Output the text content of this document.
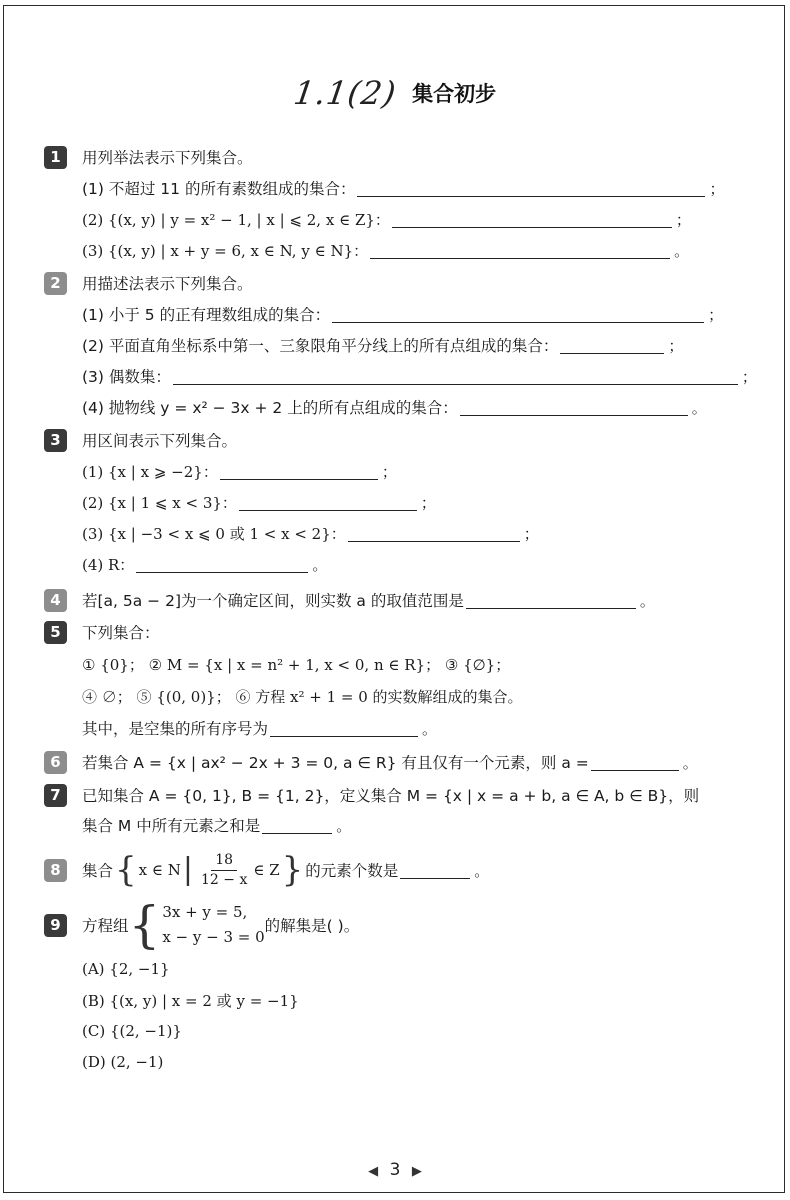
1.1(2) 集合初步
1	用列举法表示下列集合。
(1) 不超过 11 的所有素数组成的集合：	；
(2) {(x, y) | y = x² − 1, | x | ⩽ 2, x ∈ Z}：	；
(3) {(x, y) | x + y = 6, x ∈ N, y ∈ N}：	。
2	用描述法表示下列集合。
(1) 小于 5 的正有理数组成的集合：	；
(2) 平面直角坐标系中第一、三象限角平分线上的所有点组成的集合：	；
(3) 偶数集：	；
(4) 抛物线 y = x² − 3x + 2 上的所有点组成的集合：	。
3	用区间表示下列集合。
(1) {x | x ⩾ −2}：	；
(2) {x | 1 ⩽ x < 3}：	；
(3) {x | −3 < x ⩽ 0 或 1 < x < 2}：	；
(4) R：	。
4	若[a, 5a − 2]为一个确定区间，则实数 a 的取值范围是	。
5	下列集合：
① {0}； ② M = {x | x = n² + 1, x < 0, n ∈ R}； ③ {∅}；
④ ∅； ⑤ {(0, 0)}； ⑥ 方程 x² + 1 = 0 的实数解组成的集合。
其中，是空集的所有序号为	。
6	若集合 A = {x | ax² − 2x + 3 = 0, a ∈ R} 有且仅有一个元素，则 a =	。
7	已知集合 A = {0, 1}, B = {1, 2}，定义集合 M = {x | x = a + b, a ∈ A, b ∈ B}，则
集合 M 中所有元素之和是	。
8	集合 { x ∈ N | $\frac{18}{12 - x}$ ∈ Z } 的元素个数是	。
9	方程组 { 3x + y = 5,
x − y − 3 = 0
的解集是( )。
(A) {2, −1}
(B) {(x, y) | x = 2 或 y = −1}
(C) {(2, −1)}
(D) (2, −1)
◀ 3 ▶
